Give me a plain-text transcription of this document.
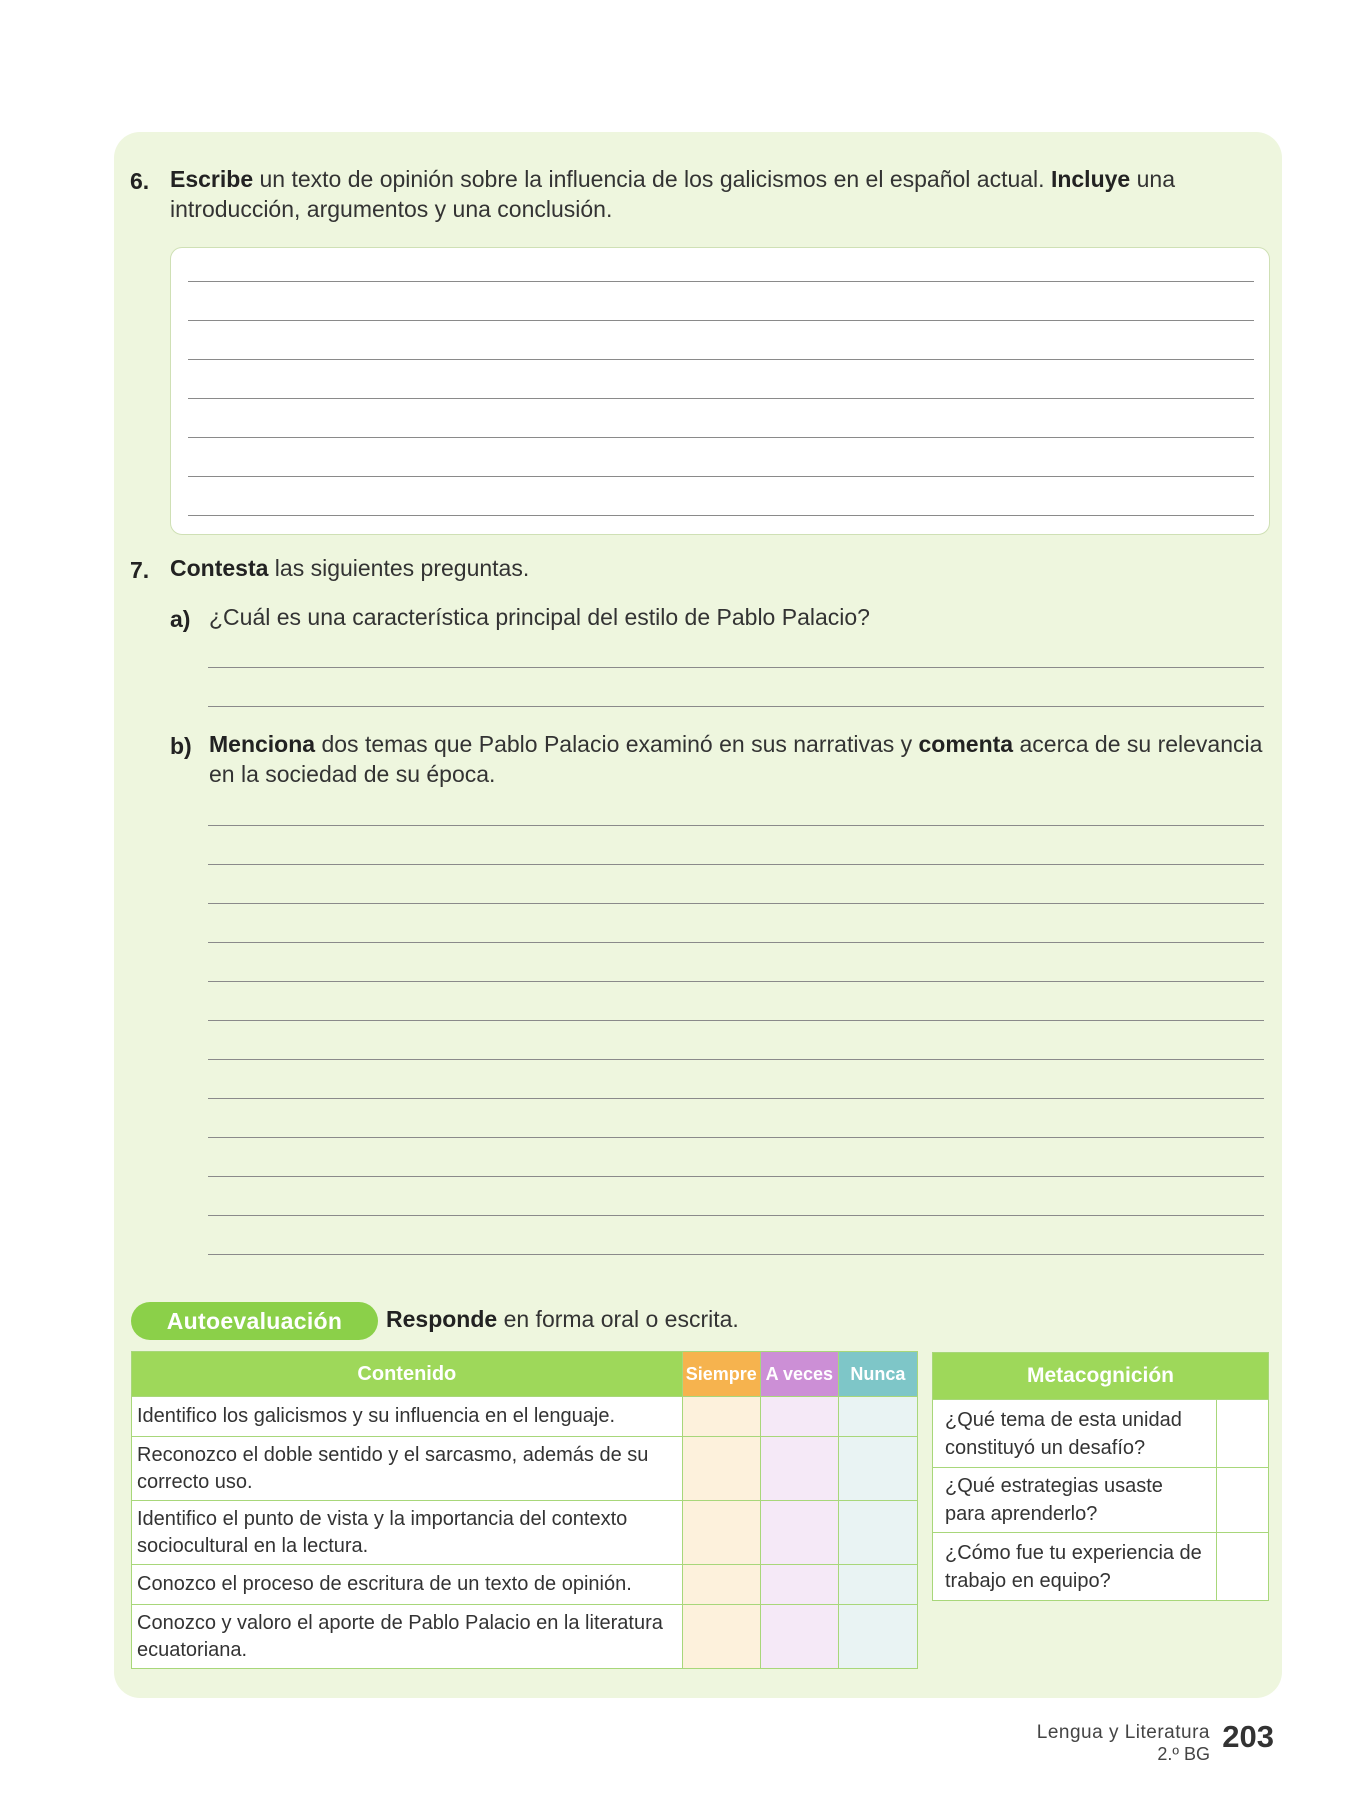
6. Escribe un texto de opinión sobre la influencia de los galicismos en el español actual. Incluye una introducción, argumentos y una conclusión.
7. Contesta las siguientes preguntas.
a) ¿Cuál es una característica principal del estilo de Pablo Palacio?
b) Menciona dos temas que Pablo Palacio examinó en sus narrativas y comenta acerca de su relevancia en la sociedad de su época.
Autoevaluación	Responde en forma oral o escrita.
Contenido	Siempre	A veces	Nunca
Identifico los galicismos y su influencia en el lenguaje.			
Reconozco el doble sentido y el sarcasmo, además de su correcto uso.			
Identifico el punto de vista y la importancia del contexto sociocultural en la lectura.			
Conozco el proceso de escritura de un texto de opinión.			
Conozco y valoro el aporte de Pablo Palacio en la literatura ecuatoriana.			
Metacognición	
¿Qué tema de esta unidad constituyó un desafío?	
¿Qué estrategias usaste para aprenderlo?	
¿Cómo fue tu experiencia de trabajo en equipo?	
Lengua y Literatura
2.º BG 203
